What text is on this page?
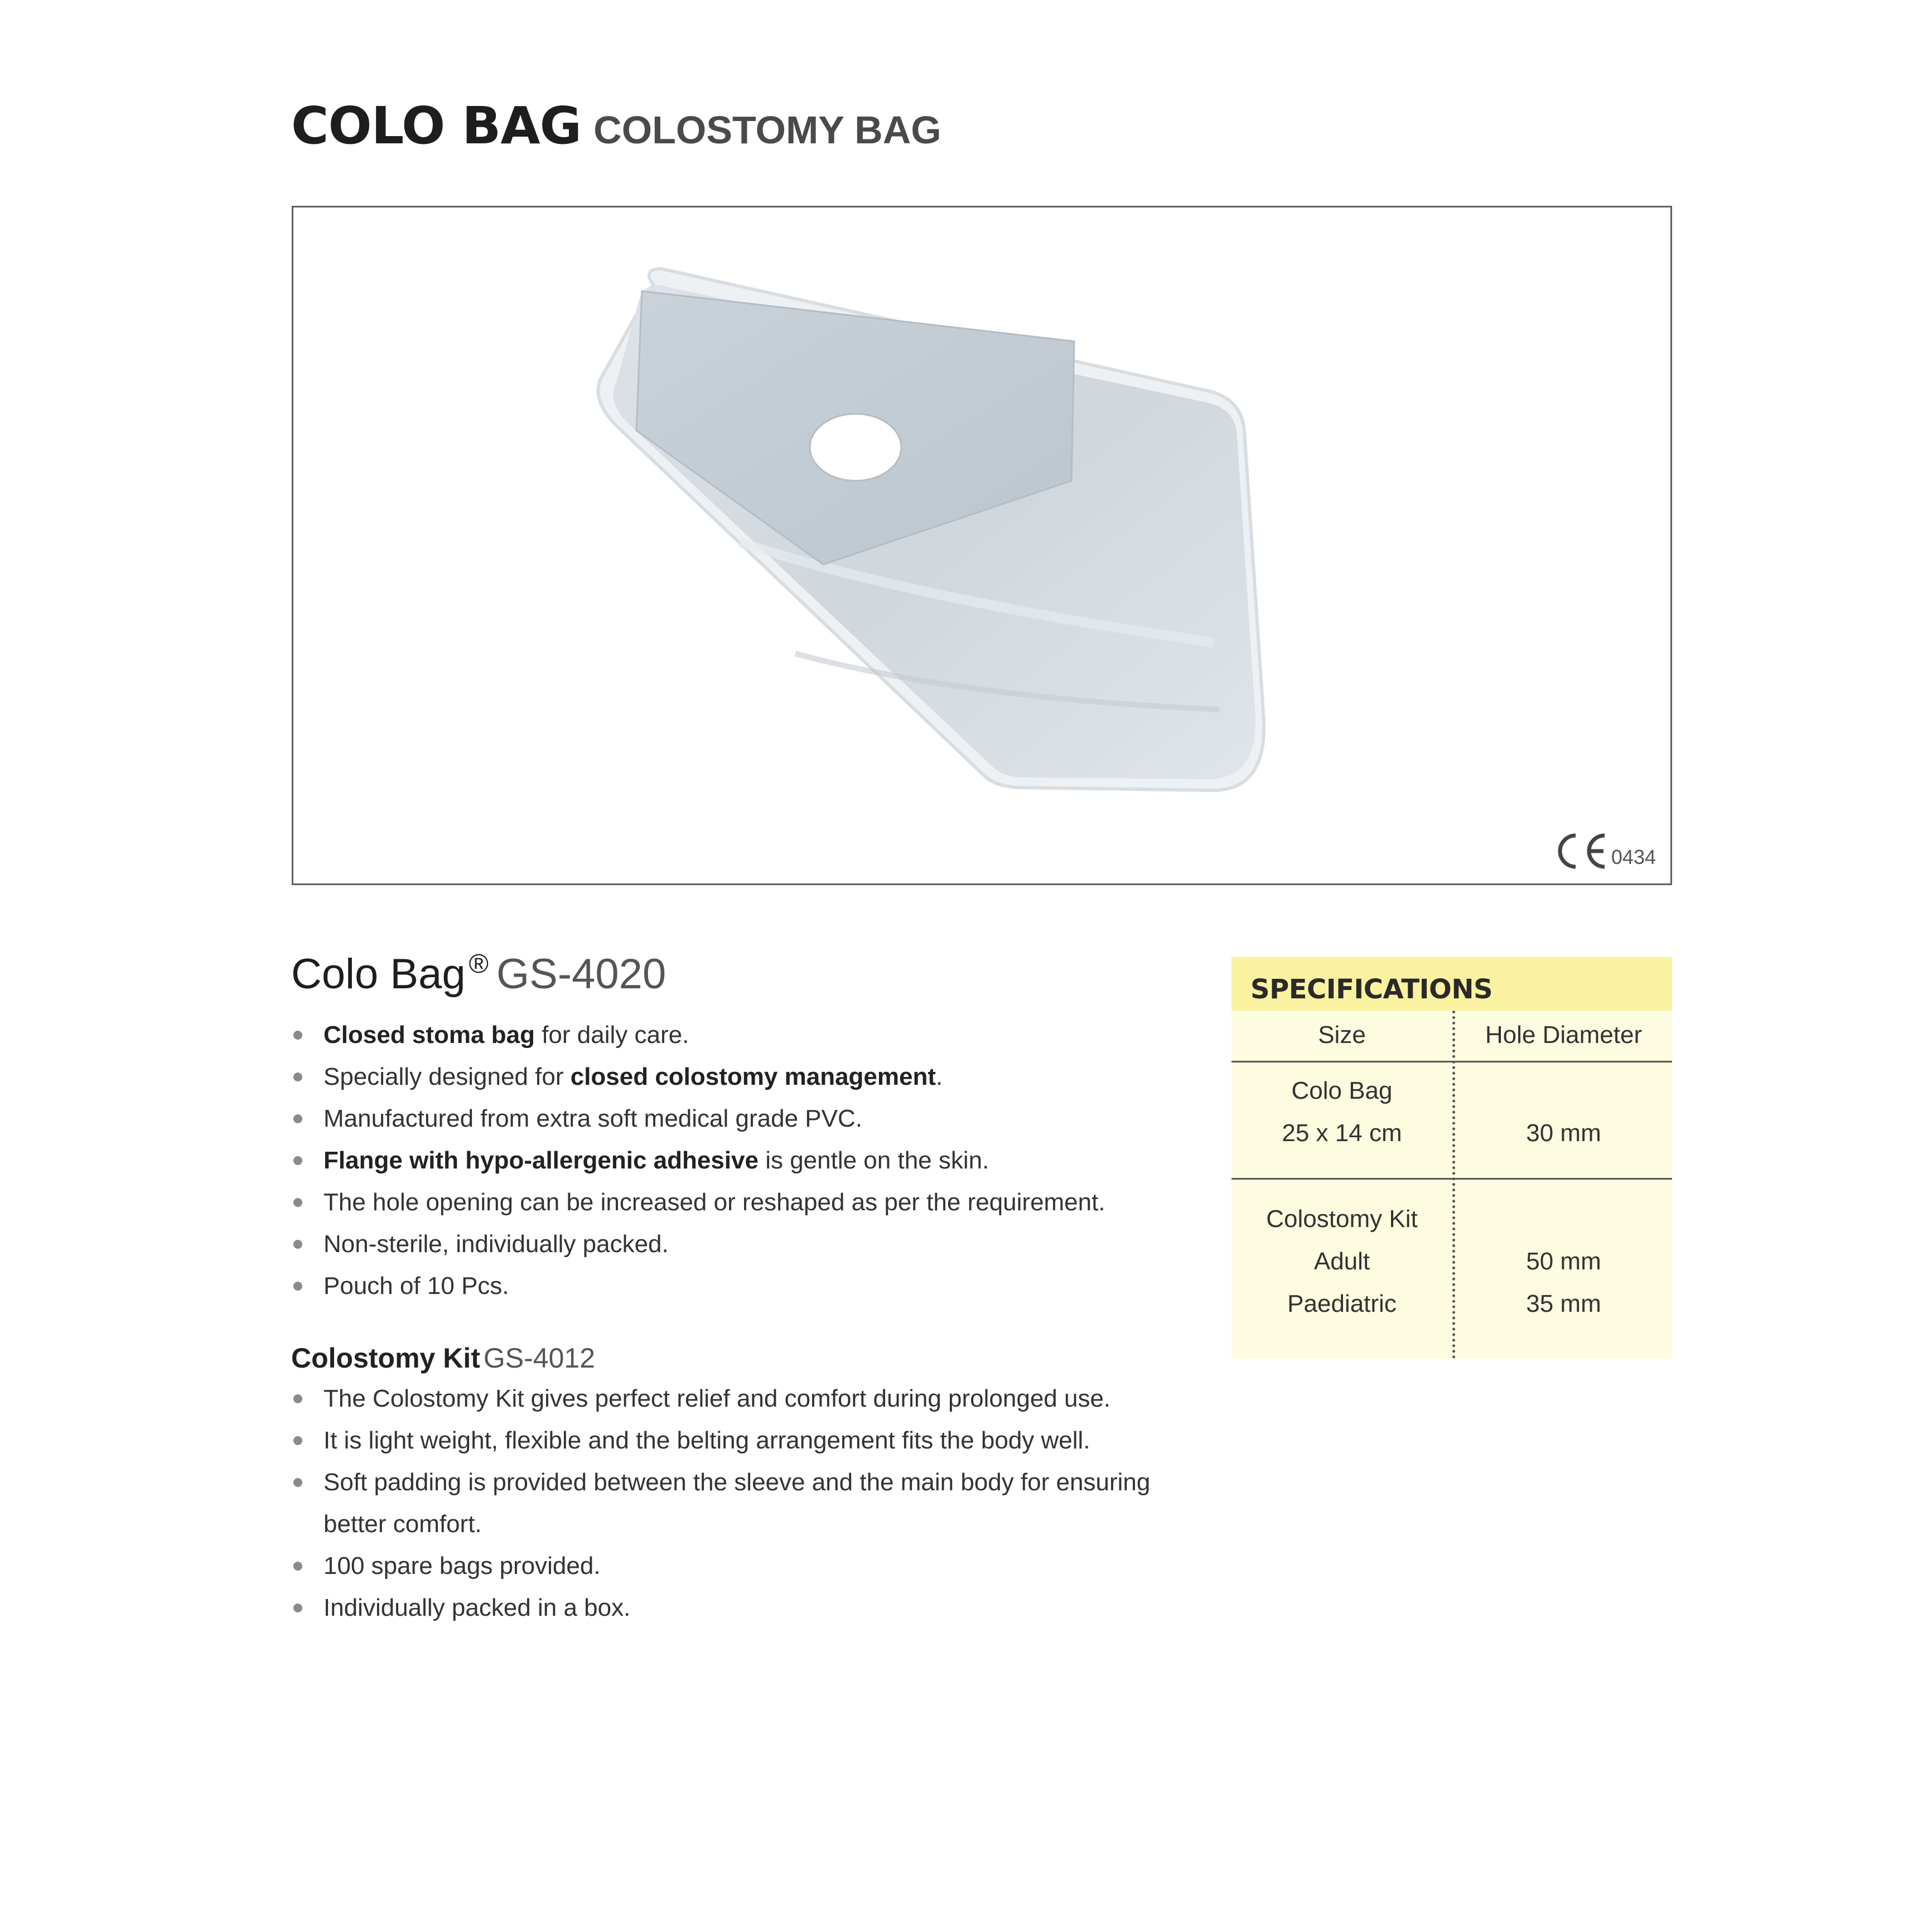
COLO BAG COLOSTOMY BAG
0434
Colo Bag ® GS-4020
Closed stoma bag for daily care.
Specially designed for closed colostomy management.
Manufactured from extra soft medical grade PVC.
Flange with hypo-allergenic adhesive is gentle on the skin.
The hole opening can be increased or reshaped as per the requirement.
Non-sterile, individually packed.
Pouch of 10 Pcs.
Colostomy Kit GS-4012
The Colostomy Kit gives perfect relief and comfort during prolonged use.
It is light weight, flexible and the belting arrangement fits the body well.
Soft padding is provided between the sleeve and the main body for ensuring
better comfort.
100 spare bags provided.
Individually packed in a box.
SPECIFICATIONS
Size	Hole Diameter
Colo Bag
25 x 14 cm	30 mm
Colostomy Kit
Adult
Paediatric
50 mm
35 mm
